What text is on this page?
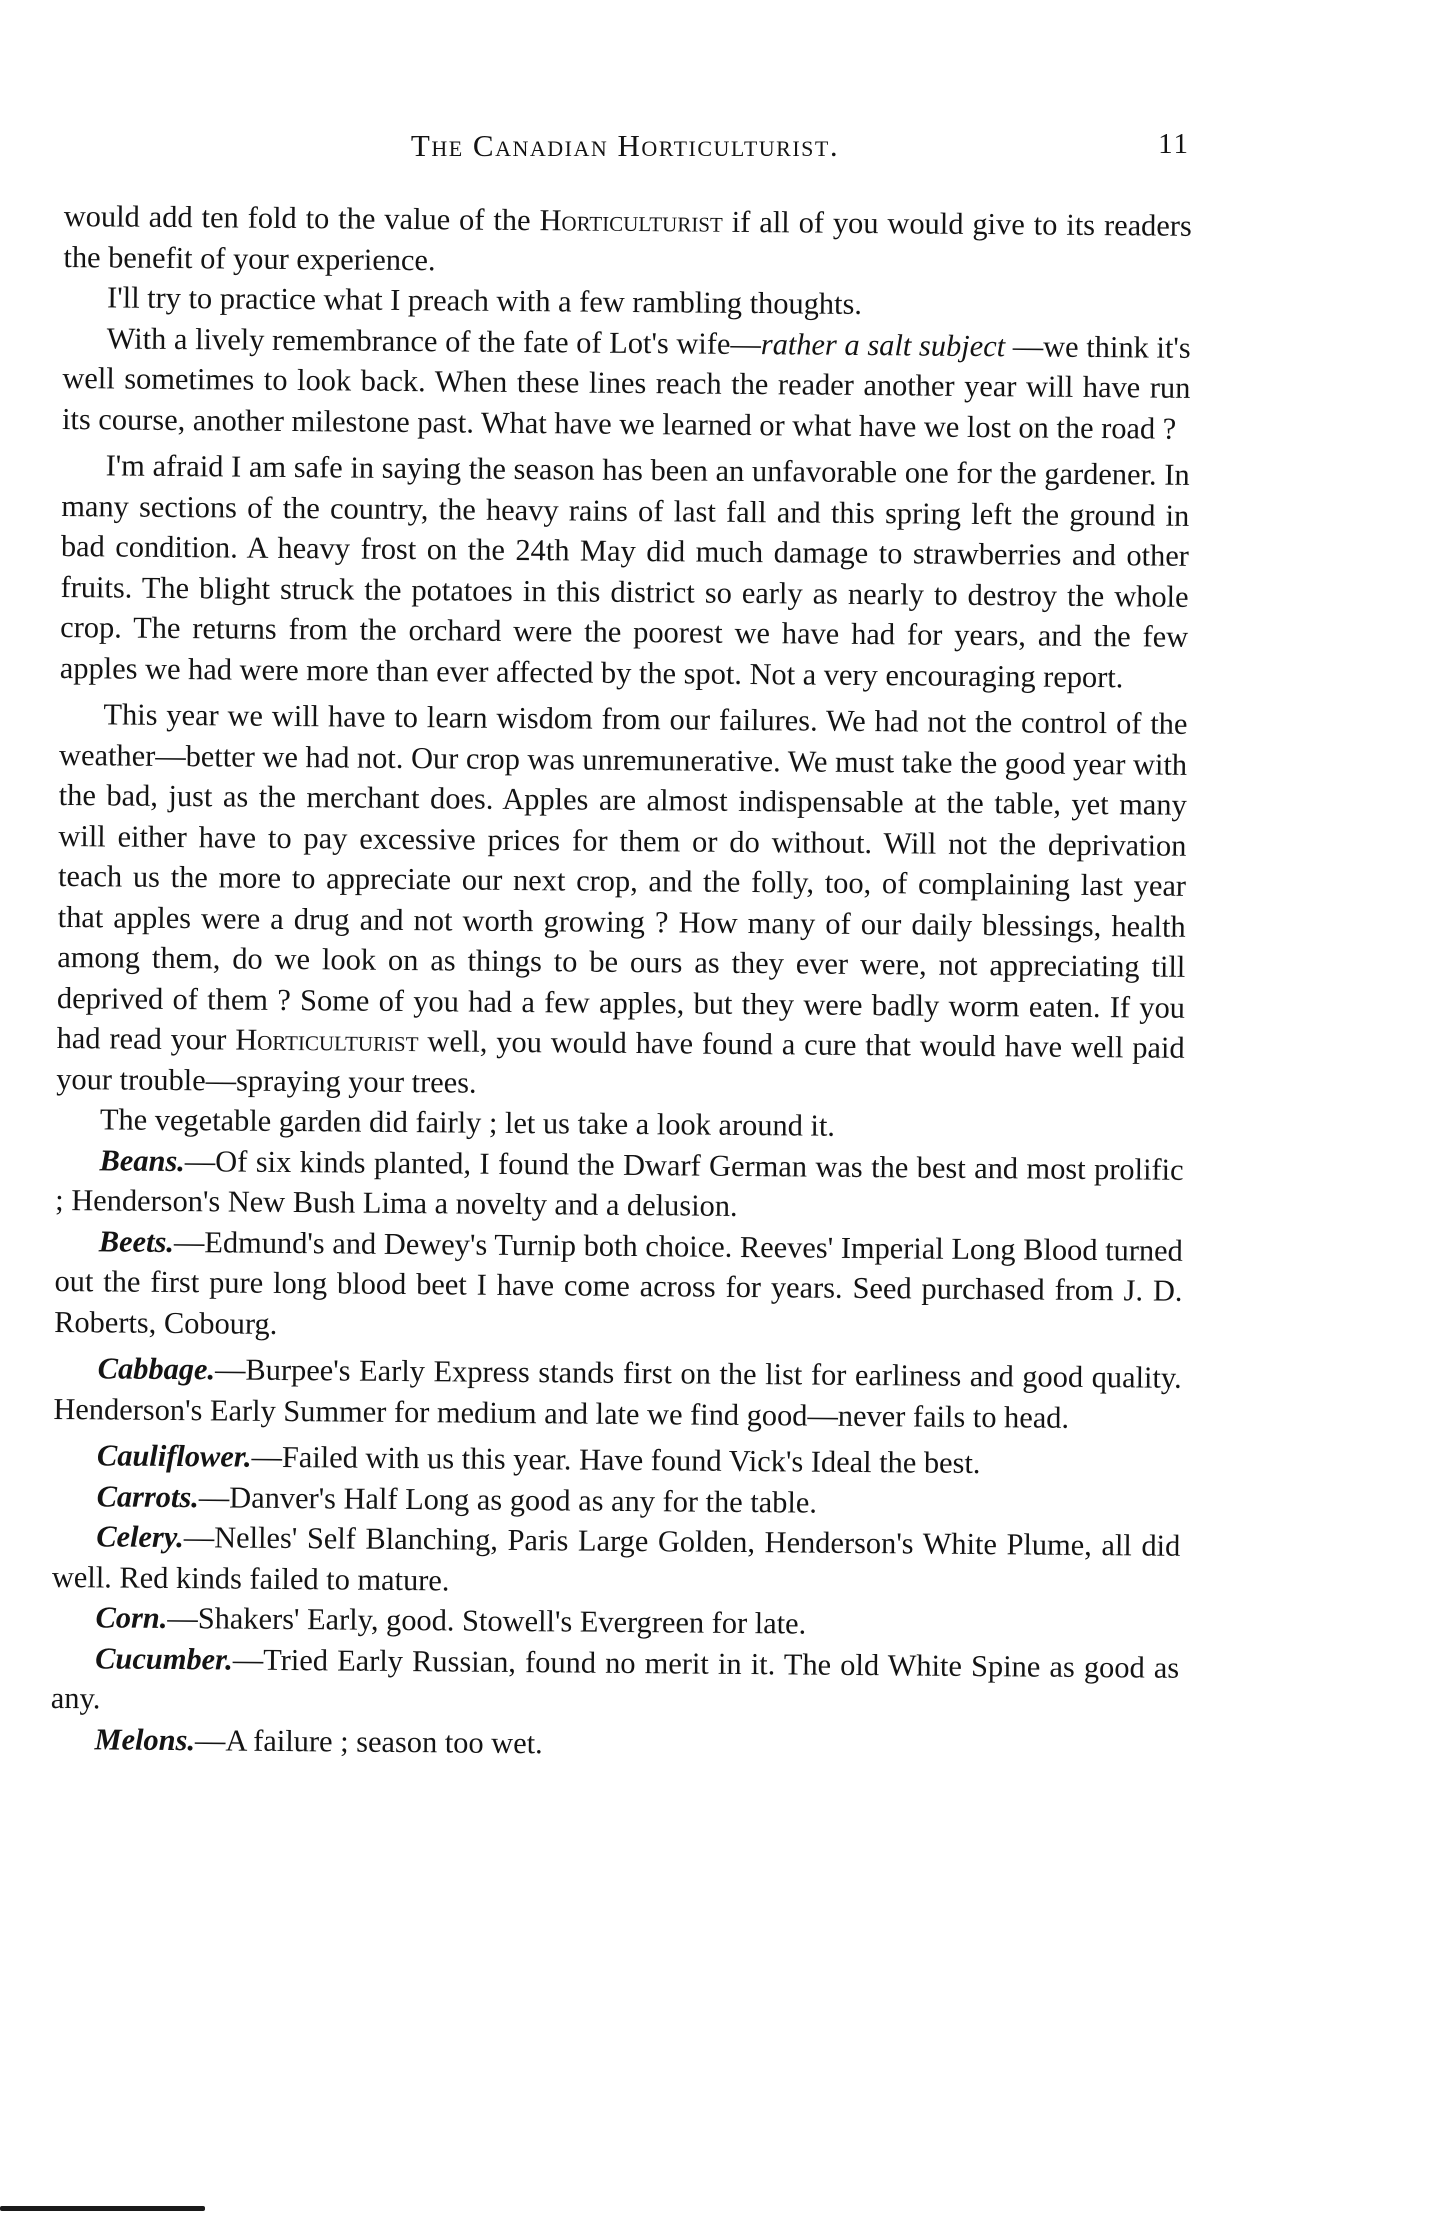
The Canadian Horticulturist.	11

would add ten fold to the value of the Horticulturist if all of you would give to its readers the benefit of your experience.

I'll try to practice what I preach with a few rambling thoughts.

With a lively remembrance of the fate of Lot's wife—rather a salt subject —we think it's well sometimes to look back. When these lines reach the reader another year will have run its course, another milestone past. What have we learned or what have we lost on the road ?

I'm afraid I am safe in saying the season has been an unfavorable one for the gardener. In many sections of the country, the heavy rains of last fall and this spring left the ground in bad condition. A heavy frost on the 24th May did much damage to strawberries and other fruits. The blight struck the potatoes in this district so early as nearly to destroy the whole crop. The returns from the orchard were the poorest we have had for years, and the few apples we had were more than ever affected by the spot. Not a very encouraging report.

This year we will have to learn wisdom from our failures. We had not the control of the weather—better we had not. Our crop was unremunerative. We must take the good year with the bad, just as the merchant does. Apples are almost indispensable at the table, yet many will either have to pay excessive prices for them or do without. Will not the deprivation teach us the more to appreciate our next crop, and the folly, too, of complaining last year that apples were a drug and not worth growing ? How many of our daily blessings, health among them, do we look on as things to be ours as they ever were, not appreciating till deprived of them ? Some of you had a few apples, but they were badly worm eaten. If you had read your Horticulturist well, you would have found a cure that would have well paid your trouble—spraying your trees.

The vegetable garden did fairly ; let us take a look around it.

Beans.—Of six kinds planted, I found the Dwarf German was the best and most prolific ; Henderson's New Bush Lima a novelty and a delusion.

Beets.—Edmund's and Dewey's Turnip both choice. Reeves' Imperial Long Blood turned out the first pure long blood beet I have come across for years. Seed purchased from J. D. Roberts, Cobourg.

Cabbage.—Burpee's Early Express stands first on the list for earliness and good quality. Henderson's Early Summer for medium and late we find good—never fails to head.

Cauliflower.—Failed with us this year. Have found Vick's Ideal the best.

Carrots.—Danver's Half Long as good as any for the table.

Celery.—Nelles' Self Blanching, Paris Large Golden, Henderson's White Plume, all did well. Red kinds failed to mature.

Corn.—Shakers' Early, good. Stowell's Evergreen for late.

Cucumber.—Tried Early Russian, found no merit in it. The old White Spine as good as any.

Melons.—A failure ; season too wet.
